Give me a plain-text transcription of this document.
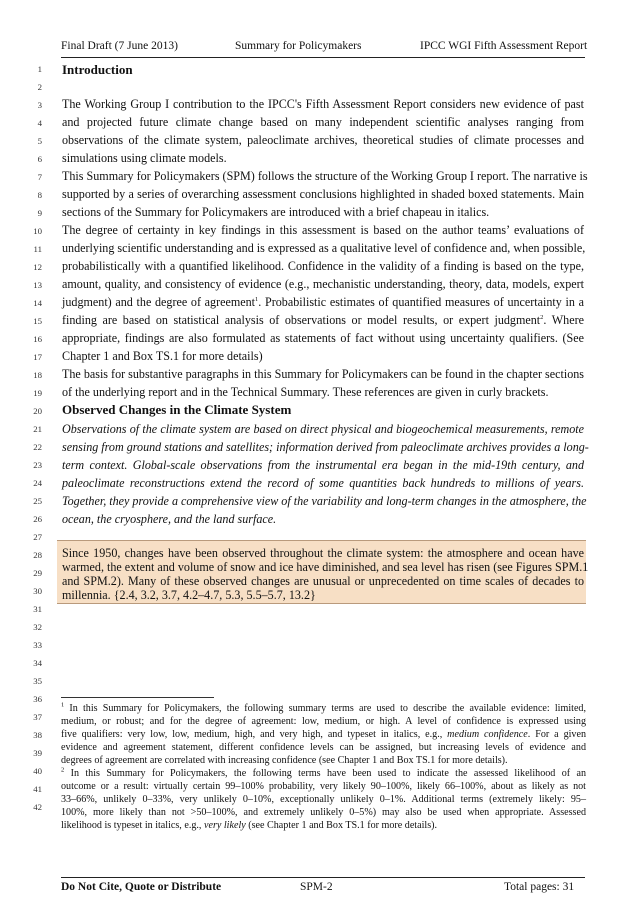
Final Draft (7 June 2013)	Summary for Policymakers	IPCC WGI Fifth Assessment Report
1
2
3
4
5
6
7
8
9
10
11
12
13
14
15
16
17
18
19
20
21
22
23
24
25
26
27
28
29
30
31
32
33
34
35
36
37
38
39
40
41
42
Introduction
The Working Group I contribution to the IPCC's Fifth Assessment Report considers new evidence of past
and projected future climate change based on many independent scientific analyses ranging from
observations of the climate system, paleoclimate archives, theoretical studies of climate processes and
simulations using climate models.
This Summary for Policymakers (SPM) follows the structure of the Working Group I report. The narrative is
supported by a series of overarching assessment conclusions highlighted in shaded boxed statements. Main
sections of the Summary for Policymakers are introduced with a brief chapeau in italics.
The degree of certainty in key findings in this assessment is based on the author teams’ evaluations of
underlying scientific understanding and is expressed as a qualitative level of confidence and, when possible,
probabilistically with a quantified likelihood. Confidence in the validity of a finding is based on the type,
amount, quality, and consistency of evidence (e.g., mechanistic understanding, theory, data, models, expert
judgment) and the degree of agreement$^1$. Probabilistic estimates of quantified measures of uncertainty in a
finding are based on statistical analysis of observations or model results, or expert judgment$^2$. Where
appropriate, findings are also formulated as statements of fact without using uncertainty qualifiers. (See
Chapter 1 and Box TS.1 for more details)
The basis for substantive paragraphs in this Summary for Policymakers can be found in the chapter sections
of the underlying report and in the Technical Summary. These references are given in curly brackets.
Observed Changes in the Climate System
Observations of the climate system are based on direct physical and biogeochemical measurements, remote
sensing from ground stations and satellites; information derived from paleoclimate archives provides a long-
term context. Global-scale observations from the instrumental era began in the mid-19th century, and
paleoclimate reconstructions extend the record of some quantities back hundreds to millions of years.
Together, they provide a comprehensive view of the variability and long-term changes in the atmosphere, the
ocean, the cryosphere, and the land surface.
Since 1950, changes have been observed throughout the climate system: the atmosphere and ocean have
warmed, the extent and volume of snow and ice have diminished, and sea level has risen (see Figures SPM.1
and SPM.2). Many of these observed changes are unusual or unprecedented on time scales of decades to
millennia. {2.4, 3.2, 3.7, 4.2–4.7, 5.3, 5.5–5.7, 13.2}
$^1$ In this Summary for Policymakers, the following summary terms are used to describe the available evidence: limited,
medium, or robust; and for the degree of agreement: low, medium, or high. A level of confidence is expressed using
five qualifiers: very low, low, medium, high, and very high, and typeset in italics, e.g., medium confidence. For a given
evidence and agreement statement, different confidence levels can be assigned, but increasing levels of evidence and
degrees of agreement are correlated with increasing confidence (see Chapter 1 and Box TS.1 for more details).
$^2$ In this Summary for Policymakers, the following terms have been used to indicate the assessed likelihood of an
outcome or a result: virtually certain 99–100% probability, very likely 90–100%, likely 66–100%, about as likely as not
33–66%, unlikely 0–33%, very unlikely 0–10%, exceptionally unlikely 0–1%. Additional terms (extremely likely: 95–
100%, more likely than not >50–100%, and extremely unlikely 0–5%) may also be used when appropriate. Assessed
likelihood is typeset in italics, e.g., very likely (see Chapter 1 and Box TS.1 for more details).
Do Not Cite, Quote or Distribute	SPM-2	Total pages: 31
